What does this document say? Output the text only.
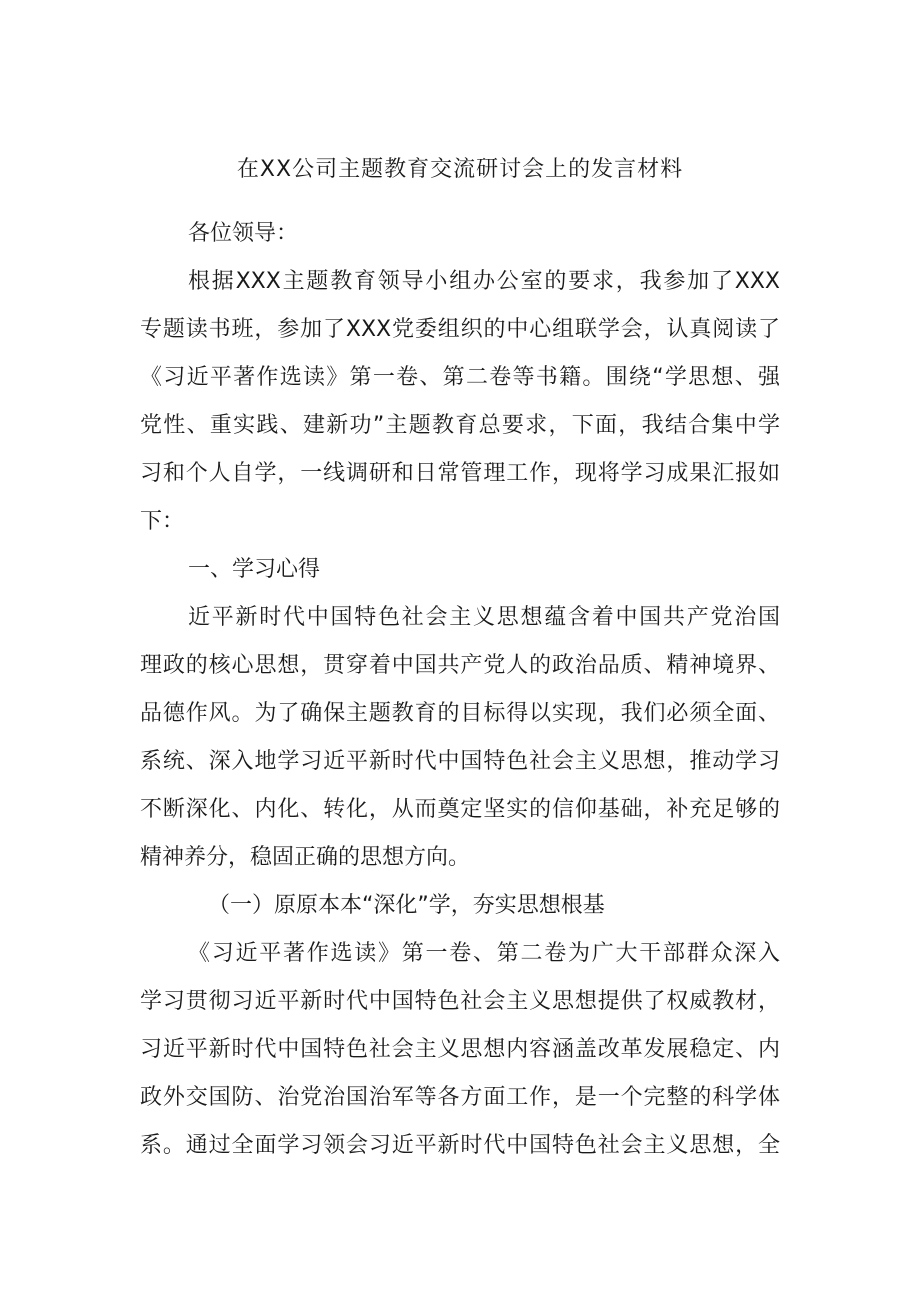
在XX公司主题教育交流研讨会上的发言材料
各位领导：
根据XXX主题教育领导小组办公室的要求，我参加了XXX
专题读书班，参加了XXX党委组织的中心组联学会，认真阅读了
《习近平著作选读》第一卷、第二卷等书籍。围绕“学思想、强
党性、重实践、建新功”主题教育总要求，下面，我结合集中学
习和个人自学，一线调研和日常管理工作，现将学习成果汇报如
下：
一、学习心得
近平新时代中国特色社会主义思想蕴含着中国共产党治国
理政的核心思想，贯穿着中国共产党人的政治品质、精神境界、
品德作风。为了确保主题教育的目标得以实现，我们必须全面、
系统、深入地学习近平新时代中国特色社会主义思想，推动学习
不断深化、内化、转化，从而奠定坚实的信仰基础，补充足够的
精神养分，稳固正确的思想方向。
（一）原原本本“深化”学，夯实思想根基
《习近平著作选读》第一卷、第二卷为广大干部群众深入
学习贯彻习近平新时代中国特色社会主义思想提供了权威教材，
习近平新时代中国特色社会主义思想内容涵盖改革发展稳定、内
政外交国防、治党治国治军等各方面工作，是一个完整的科学体
系。通过全面学习领会习近平新时代中国特色社会主义思想，全
